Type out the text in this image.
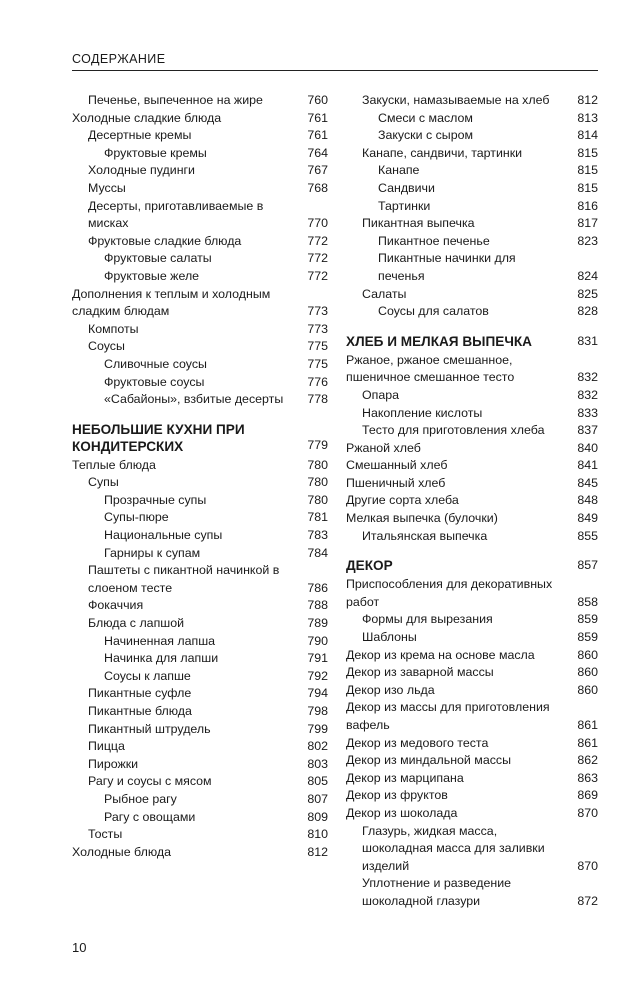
СОДЕРЖАНИЕ
Печенье, выпеченное на жире	760
Холодные сладкие блюда	761
Десертные кремы	761
Фруктовые кремы	764
Холодные пудинги	767
Муссы	768
Десерты, приготавливаемые в мисках	770
Фруктовые сладкие блюда	772
Фруктовые салаты	772
Фруктовые желе	772
Дополнения к теплым и холодным сладким блюдам	773
Компоты	773
Соусы	775
Сливочные соусы	775
Фруктовые соусы	776
«Сабайоны», взбитые десерты	778
НЕБОЛЬШИЕ КУХНИ ПРИ КОНДИТЕРСКИХ	779
Теплые блюда	780
Супы	780
Прозрачные супы	780
Супы-пюре	781
Национальные супы	783
Гарниры к супам	784
Паштеты с пикантной начинкой в слоеном тесте	786
Фокаччия	788
Блюда с лапшой	789
Начиненная лапша	790
Начинка для лапши	791
Соусы к лапше	792
Пикантные суфле	794
Пикантные блюда	798
Пикантный штрудель	799
Пицца	802
Пирожки	803
Рагу и соусы с мясом	805
Рыбное рагу	807
Рагу с овощами	809
Тосты	810
Холодные блюда	812
Закуски, намазываемые на хлеб	812
Смеси с маслом	813
Закуски с сыром	814
Канапе, сандвичи, тартинки	815
Канапе	815
Сандвичи	815
Тартинки	816
Пикантная выпечка	817
Пикантное печенье	823
Пикантные начинки для печенья	824
Салаты	825
Соусы для салатов	828
ХЛЕБ И МЕЛКАЯ ВЫПЕЧКА	831
Ржаное, ржаное смешанное, пшеничное смешанное тесто	832
Опара	832
Накопление кислоты	833
Тесто для приготовления хлеба	837
Ржаной хлеб	840
Смешанный хлеб	841
Пшеничный хлеб	845
Другие сорта хлеба	848
Мелкая выпечка (булочки)	849
Итальянская выпечка	855
ДЕКОР	857
Приспособления для декоративных работ	858
Формы для вырезания	859
Шаблоны	859
Декор из крема на основе масла	860
Декор из заварной массы	860
Декор изо льда	860
Декор из массы для приготовления вафель	861
Декор из медового теста	861
Декор из миндальной массы	862
Декор из марципана	863
Декор из фруктов	869
Декор из шоколада	870
Глазурь, жидкая масса, шоколадная масса для заливки изделий	870
Уплотнение и разведение шоколадной глазури	872
10
